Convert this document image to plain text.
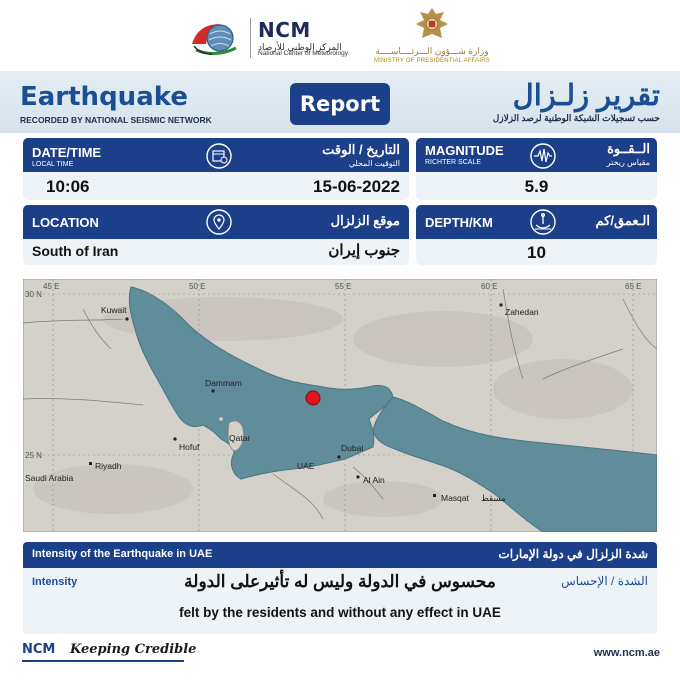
NCM
المركز الوطني للأرصاد
National Center of Meteorology	وزارة شـــؤون الـــرئــــاســــة
MINISTRY OF PRESIDENTIAL AFFAIRS
Earthquake
RECORDED BY NATIONAL SEISMIC NETWORK
Report	تقرير زلـزال
حسب تسجيلات الشبكة الوطنية لرصد الزلازل
DATE/TIME
LOCAL TIME
التاريخ / الوقت
التوقيت المحلي
10:06	15-06-2022
MAGNITUDE
RICHTER SCALE
الــقــوة
مقياس ريختر
5.9
LOCATION	موقع الزلزال
South of Iran	جنوب إيران
DEPTH/KM	الـعمق/كم
10
45 E	50 E	55 E	60 E	65 E
30 N
25 N
Kuwait	Zahedan
Dammam
Qatar
Hofuf
UAE
Dubai
Riyadh
Saudi Arabia	Al Ain
Masqat مسقط
Intensity of the Earthquake in UAE	شدة الزلزال في دولة الإمارات
Intensity	الشدة / الإحساس
محسوس في الدولة وليس له تأثيرعلى الدولة
felt by the residents and without any effect in UAE
NCM Keeping Credible	www.ncm.ae
